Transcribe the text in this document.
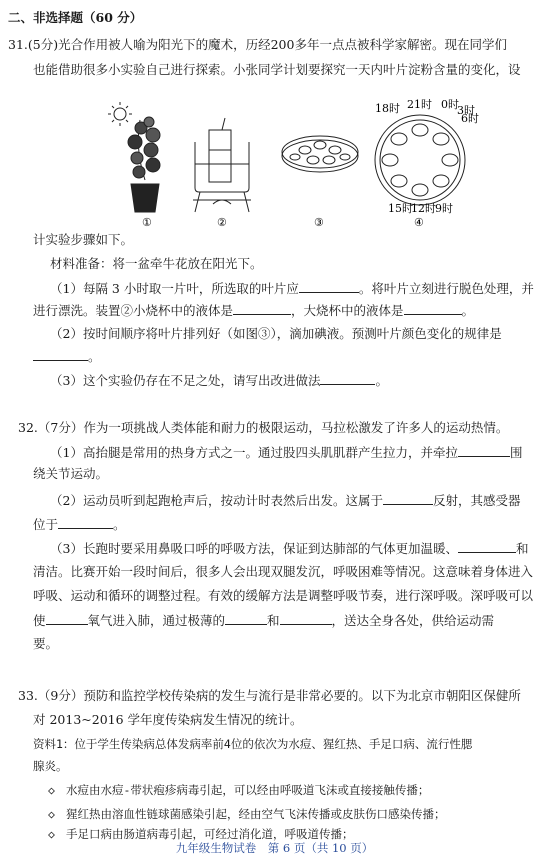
二、非选择题（60 分）
31.(5分)光合作用被人喻为阳光下的魔术，历经200多年一点点被科学家解密。现在同学们
也能借助很多小实验自己进行探索。小张同学计划要探究一天内叶片淀粉含量的变化，设
18时 21时 0时
3时
6时
9时
12时
15时
①	②	③	④
计实验步骤如下。
材料准备：将一盆牵牛花放在阳光下。
（1）每隔 3 小时取一片叶，所选取的叶片应	。将叶片立刻进行脱色处理，并
进行漂洗。装置②小烧杯中的液体是	，大烧杯中的液体是	。
（2）按时间顺序将叶片排列好（如图③），滴加碘液。预测叶片颜色变化的规律是
。
（3）这个实验仍存在不足之处，请写出改进做法	。
32.（7分）作为一项挑战人类体能和耐力的极限运动，马拉松激发了许多人的运动热情。
（1）高抬腿是常用的热身方式之一。通过股四头肌肌群产生拉力，并牵拉	围
绕关节运动。
（2）运动员听到起跑枪声后，按动计时表然后出发。这属于	反射，其感受器
位于	。
（3）长跑时要采用鼻吸口呼的呼吸方法，保证到达肺部的气体更加温暖、	和
清洁。比赛开始一段时间后，很多人会出现双腿发沉，呼吸困难等情况。这意味着身体进入
呼吸、运动和循环的调整过程。有效的缓解方法是调整呼吸节奏，进行深呼吸。深呼吸可以
使	氧气进入肺，通过极薄的	和	，送达全身各处，供给运动需
要。
33.（9分）预防和监控学校传染病的发生与流行是非常必要的。以下为北京市朝阳区保健所
对 2013~2016 学年度传染病发生情况的统计。
资料1：位于学生传染病总体发病率前4位的依次为水痘、猩红热、手足口病、流行性腮
腺炎。
◇ 水痘由水痘-带状疱疹病毒引起，可以经由呼吸道飞沫或直接接触传播；
◇ 猩红热由溶血性链球菌感染引起，经由空气飞沫传播或皮肤伤口感染传播；
◇ 手足口病由肠道病毒引起，可经过消化道，呼吸道传播；
九年级生物试卷　第 6 页（共 10 页）
